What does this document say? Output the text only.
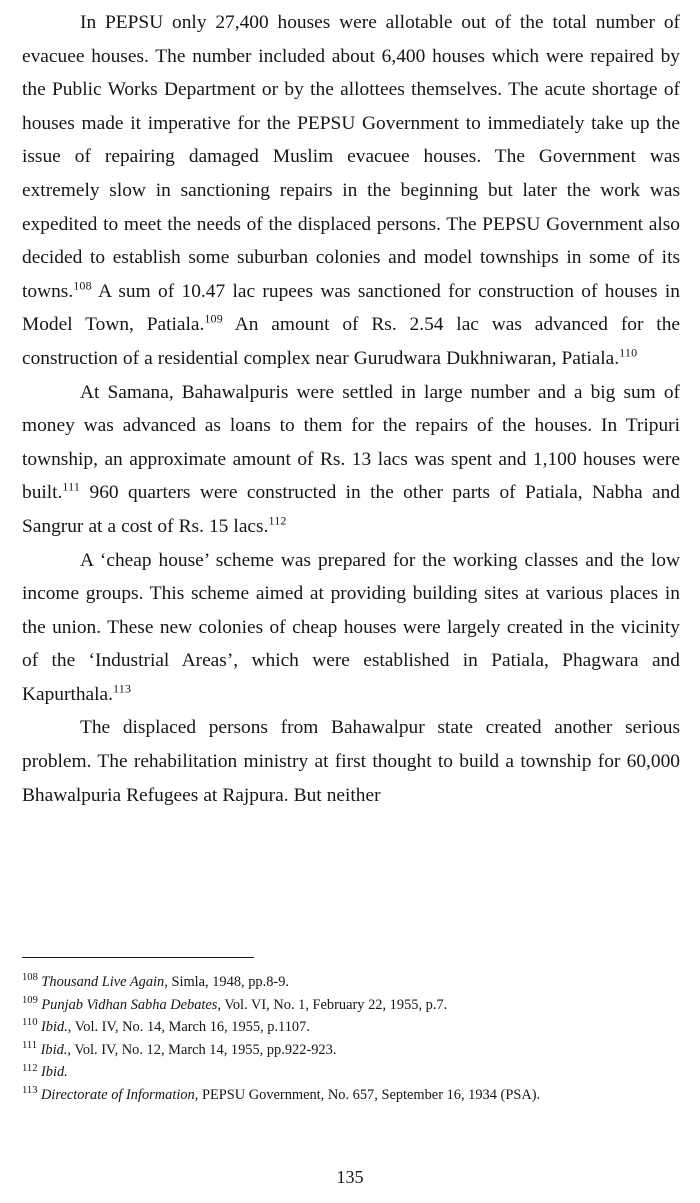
In PEPSU only 27,400 houses were allotable out of the total number of evacuee houses. The number included about 6,400 houses which were repaired by the Public Works Department or by the allottees themselves. The acute shortage of houses made it imperative for the PEPSU Government to immediately take up the issue of repairing damaged Muslim evacuee houses. The Government was extremely slow in sanctioning repairs in the beginning but later the work was expedited to meet the needs of the displaced persons. The PEPSU Government also decided to establish some suburban colonies and model townships in some of its towns.$^{108}$ A sum of 10.47 lac rupees was sanctioned for construction of houses in Model Town, Patiala.$^{109}$ An amount of Rs. 2.54 lac was advanced for the construction of a residential complex near Gurudwara Dukhniwaran, Patiala.$^{110}$

At Samana, Bahawalpuris were settled in large number and a big sum of money was advanced as loans to them for the repairs of the houses. In Tripuri township, an approximate amount of Rs. 13 lacs was spent and 1,100 houses were built.$^{111}$ 960 quarters were constructed in the other parts of Patiala, Nabha and Sangrur at a cost of Rs. 15 lacs.$^{112}$

A ‘cheap house’ scheme was prepared for the working classes and the low income groups. This scheme aimed at providing building sites at various places in the union. These new colonies of cheap houses were largely created in the vicinity of the ‘Industrial Areas’, which were established in Patiala, Phagwara and Kapurthala.$^{113}$

The displaced persons from Bahawalpur state created another serious problem. The rehabilitation ministry at first thought to build a township for 60,000 Bhawalpuria Refugees at Rajpura. But neither

$^{108}$ Thousand Live Again, Simla, 1948, pp.8-9.
$^{109}$ Punjab Vidhan Sabha Debates, Vol. VI, No. 1, February 22, 1955, p.7.
$^{110}$ Ibid., Vol. IV, No. 14, March 16, 1955, p.1107.
$^{111}$ Ibid., Vol. IV, No. 12, March 14, 1955, pp.922-923.
$^{112}$ Ibid.
$^{113}$ Directorate of Information, PEPSU Government, No. 657, September 16, 1934 (PSA).
135
